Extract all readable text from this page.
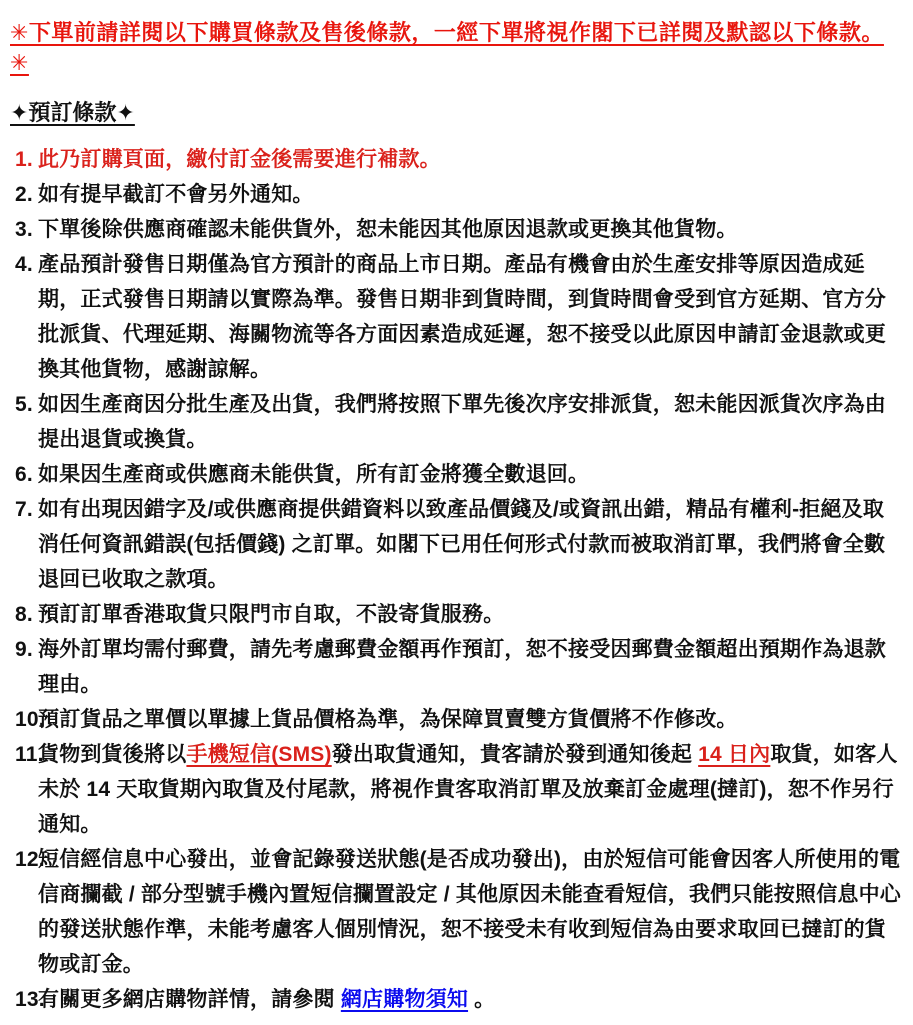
✳下單前請詳閱以下購買條款及售後條款，一經下單將視作閣下已詳閱及默認以下條款。✳
✦預訂條款✦
1. 此乃訂購頁面，繳付訂金後需要進行補款。
2. 如有提早截訂不會另外通知。
3. 下單後除供應商確認未能供貨外，恕未能因其他原因退款或更換其他貨物。
4. 產品預計發售日期僅為官方預計的商品上市日期。產品有機會由於生產安排等原因造成延期，正式發售日期請以實際為準。發售日期非到貨時間，到貨時間會受到官方延期、官方分批派貨、代理延期、海關物流等各方面因素造成延遲，恕不接受以此原因申請訂金退款或更換其他貨物，感謝諒解。
5. 如因生產商因分批生產及出貨，我們將按照下單先後次序安排派貨，恕未能因派貨次序為由提出退貨或換貨。
6. 如果因生產商或供應商未能供貨，所有訂金將獲全數退回。
7. 如有出現因錯字及/或供應商提供錯資料以致產品價錢及/或資訊出錯，精品有權利-拒絕及取消任何資訊錯誤(包括價錢) 之訂單。如閣下已用任何形式付款而被取消訂單，我們將會全數退回已收取之款項。
8. 預訂訂單香港取貨只限門市自取，不設寄貨服務。
9. 海外訂單均需付郵費，請先考慮郵費金額再作預訂，恕不接受因郵費金額超出預期作為退款理由。
10.
預訂貨品之單價以單據上貨品價格為準，為保障買賣雙方貨價將不作修改。
11.
貨物到貨後將以手機短信(SMS)發出取貨通知，貴客請於發到通知後起 14 日內取貨，如客人未於 14 天取貨期內取貨及付尾款，將視作貴客取消訂單及放棄訂金處理(撻訂)，恕不作另行通知。
12.
短信經信息中心發出，並會記錄發送狀態(是否成功發出)，由於短信可能會因客人所使用的電信商攔截 / 部分型號手機內置短信攔置設定 / 其他原因未能查看短信，我們只能按照信息中心的發送狀態作準，未能考慮客人個別情況，恕不接受未有收到短信為由要求取回已撻訂的貨物或訂金。
13.
有關更多網店購物詳情，請參閱 網店購物須知 。
